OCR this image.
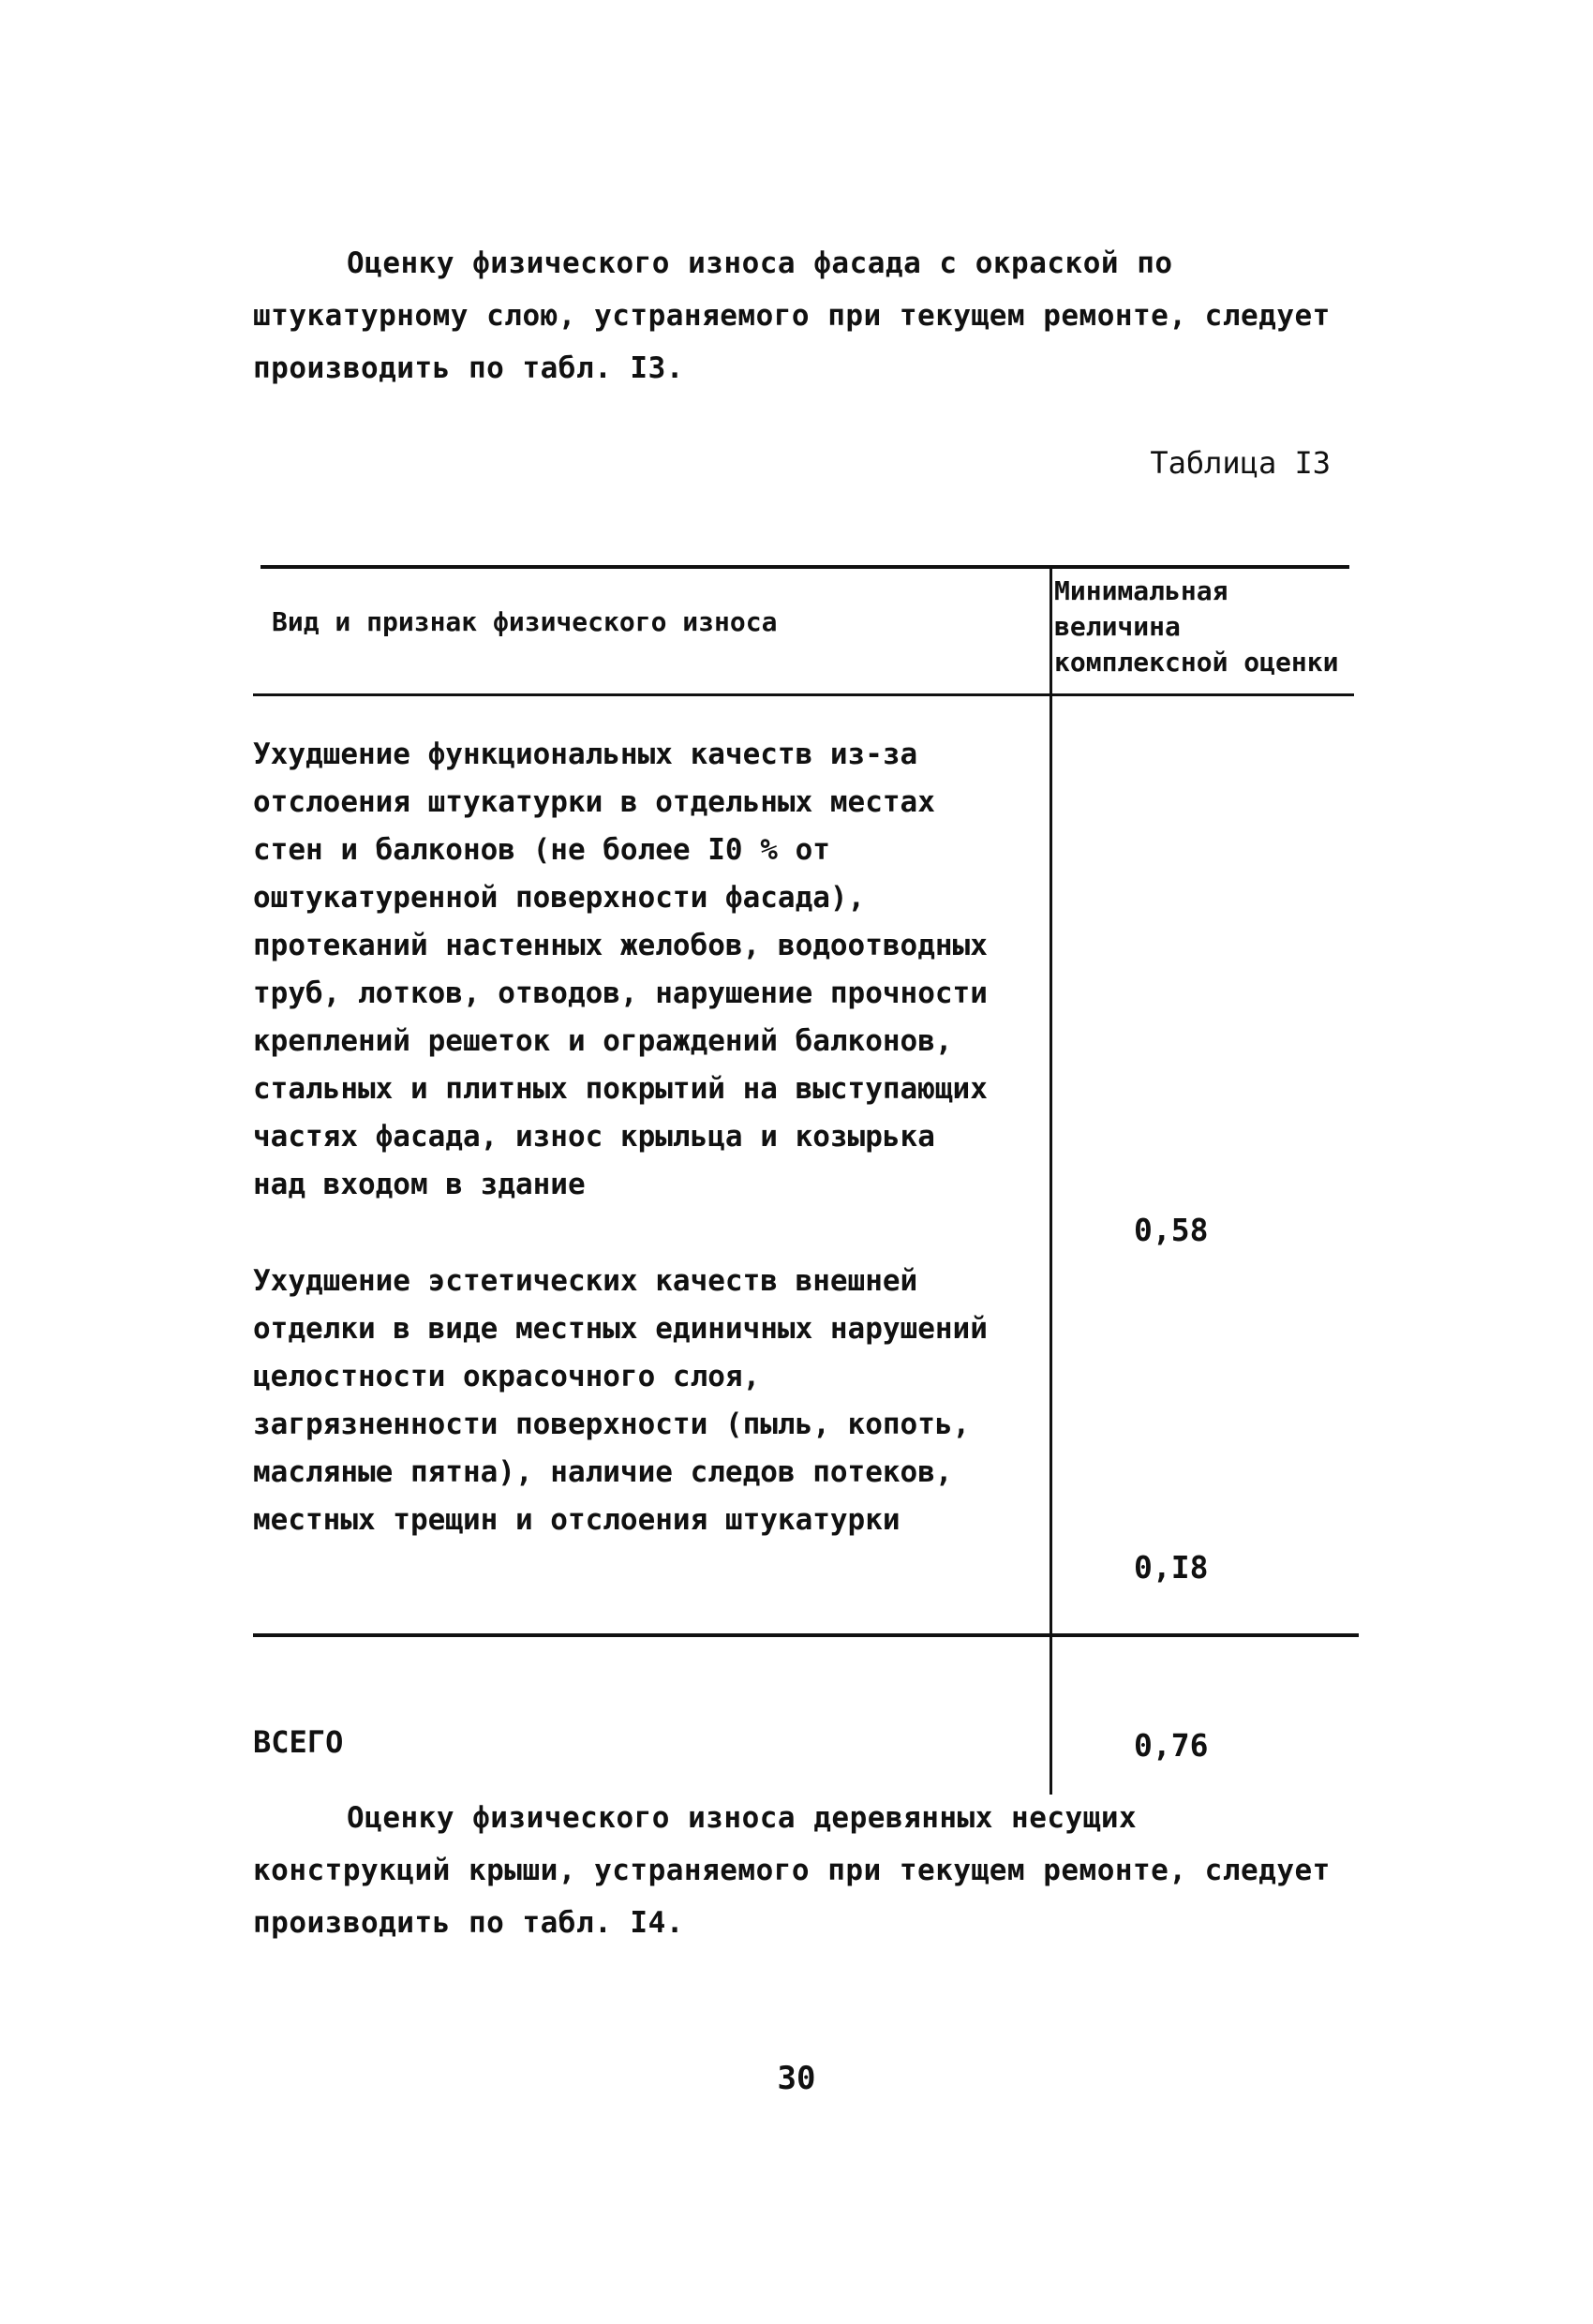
Оценку физического износа фасада с окраской по штукатурному слою, устраняемого при текущем ремонте, следует производить по табл. I3.
Таблица I3
Вид и признак физического износа
Минимальная величина комплексной оценки
Ухудшение функциональных качеств из-за отслоения штукатурки в отдельных местах стен и балконов (не более I0 % от оштукатуренной поверхности фасада), протеканий настенных желобов, водоотводных труб, лотков, отводов, нарушение прочности креплений решеток и ограждений балконов, стальных и плитных покрытий на выступающих частях фасада, износ крыльца и козырька над входом в здание
0,58
Ухудшение эстетических качеств внешней отделки в виде местных единичных нарушений целостности окрасочного слоя, загрязненности поверхности (пыль, копоть, масляные пятна), наличие следов потеков, местных трещин и отслоения штукатурки
0,I8
ВСЕГО	0,76
Оценку физического износа деревянных несущих конструкций крыши, устраняемого при текущем ремонте, следует производить по табл. I4.
30
